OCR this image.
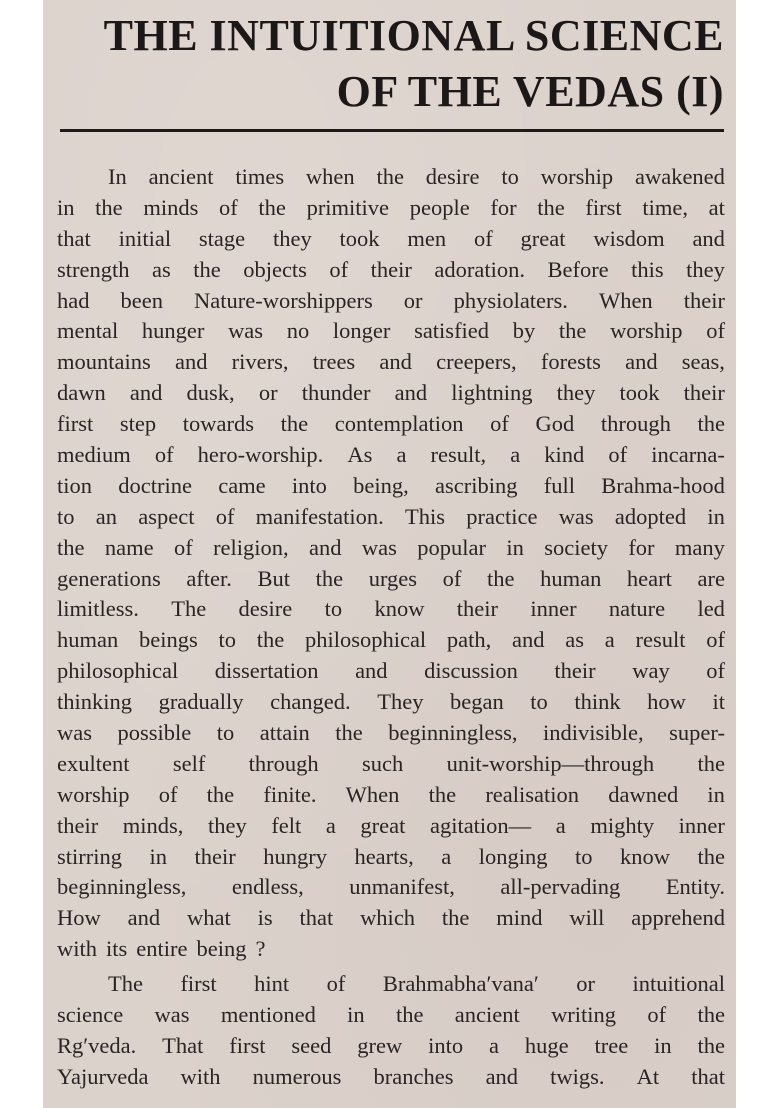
THE INTUITIONAL SCIENCE
OF THE VEDAS (I)
In ancient times when the desire to worship awakened
in the minds of the primitive people for the first time, at
that initial stage they took men of great wisdom and
strength as the objects of their adoration. Before this they
had been Nature-worshippers or physiolaters. When their
mental hunger was no longer satisfied by the worship of
mountains and rivers, trees and creepers, forests and seas,
dawn and dusk, or thunder and lightning they took their
first step towards the contemplation of God through the
medium of hero-worship. As a result, a kind of incarna-
tion doctrine came into being, ascribing full Brahma-hood
to an aspect of manifestation. This practice was adopted in
the name of religion, and was popular in society for many
generations after. But the urges of the human heart are
limitless. The desire to know their inner nature led
human beings to the philosophical path, and as a result of
philosophical dissertation and discussion their way of
thinking gradually changed. They began to think how it
was possible to attain the beginningless, indivisible, super-
exultent self through such unit-worship—through the
worship of the finite. When the realisation dawned in
their minds, they felt a great agitation— a mighty inner
stirring in their hungry hearts, a longing to know the
beginningless, endless, unmanifest, all-pervading Entity.
How and what is that which the mind will apprehend
with its entire being ?
The first hint of Brahmabha′vana′ or intuitional
science was mentioned in the ancient writing of the
Rg′veda. That first seed grew into a huge tree in the
Yajurveda with numerous branches and twigs. At that
